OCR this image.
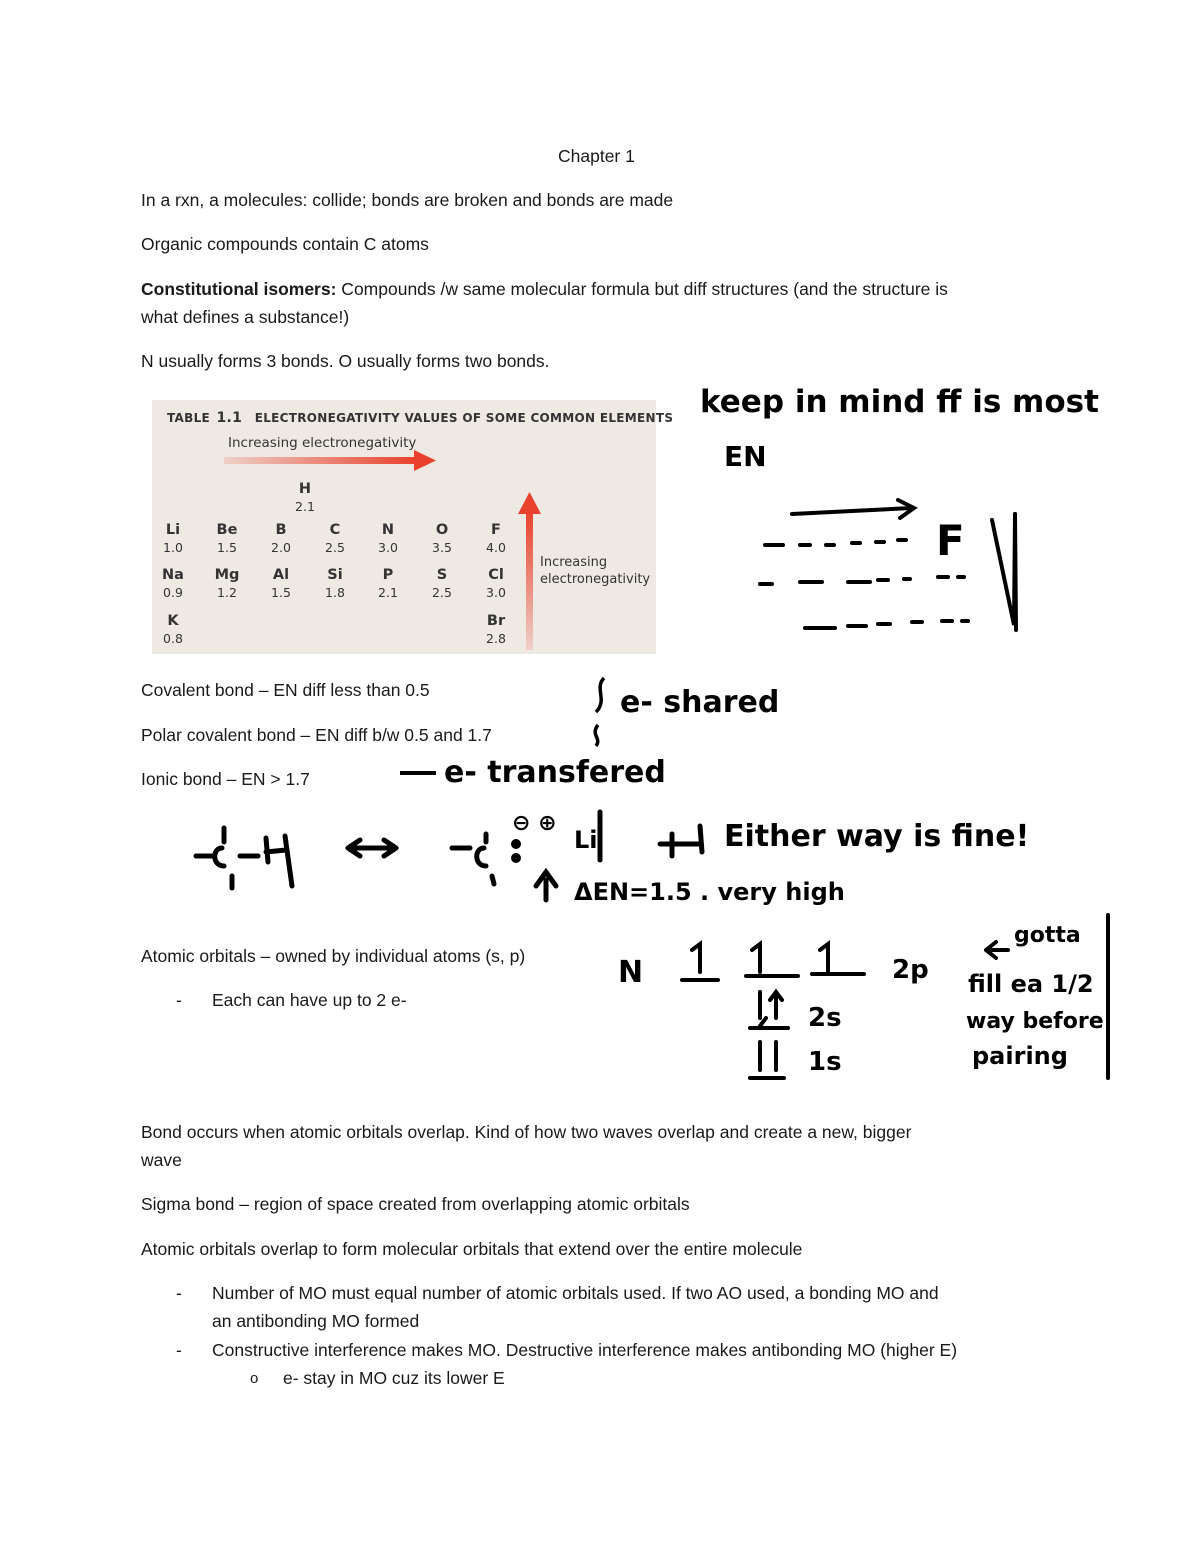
Chapter 1
In a rxn, a molecules: collide; bonds are broken and bonds are made
Organic compounds contain C atoms
Constitutional isomers: Compounds /w same molecular formula but diff structures (and the structure is
what defines a substance!)
N usually forms 3 bonds. O usually forms two bonds.
TABLE 1.1 ELECTRONEGATIVITY VALUES OF SOME COMMON ELEMENTS
Increasing electronegativity
Increasing
electronegativity
H
2.1
Li
1.0
Be
1.5
B
2.0
C
2.5
N
3.0
O
3.5
F
4.0
Na
0.9
Mg
1.2
Al
1.5
Si
1.8
P
2.1
S
2.5
Cl
3.0
K
0.8
Br
2.8
Covalent bond – EN diff less than 0.5
Polar covalent bond – EN diff b/w 0.5 and 1.7
Ionic bond – EN > 1.7
Atomic orbitals – owned by individual atoms (s, p)
- Each can have up to 2 e-
Bond occurs when atomic orbitals overlap. Kind of how two waves overlap and create a new, bigger
wave
Sigma bond – region of space created from overlapping atomic orbitals
Atomic orbitals overlap to form molecular orbitals that extend over the entire molecule
- Number of MO must equal number of atomic orbitals used. If two AO used, a bonding MO and
an antibonding MO formed
- Constructive interference makes MO. Destructive interference makes antibonding MO (higher E)
o e- stay in MO cuz its lower E
keep in mind ff is most
EN
F
e- shared
e- transfered
⊖ ⊕
Li	Either way is fine!
ΔEN=1.5 . very high
N	2p
2s
1s
gotta
fill ea 1/2
way before
pairing
